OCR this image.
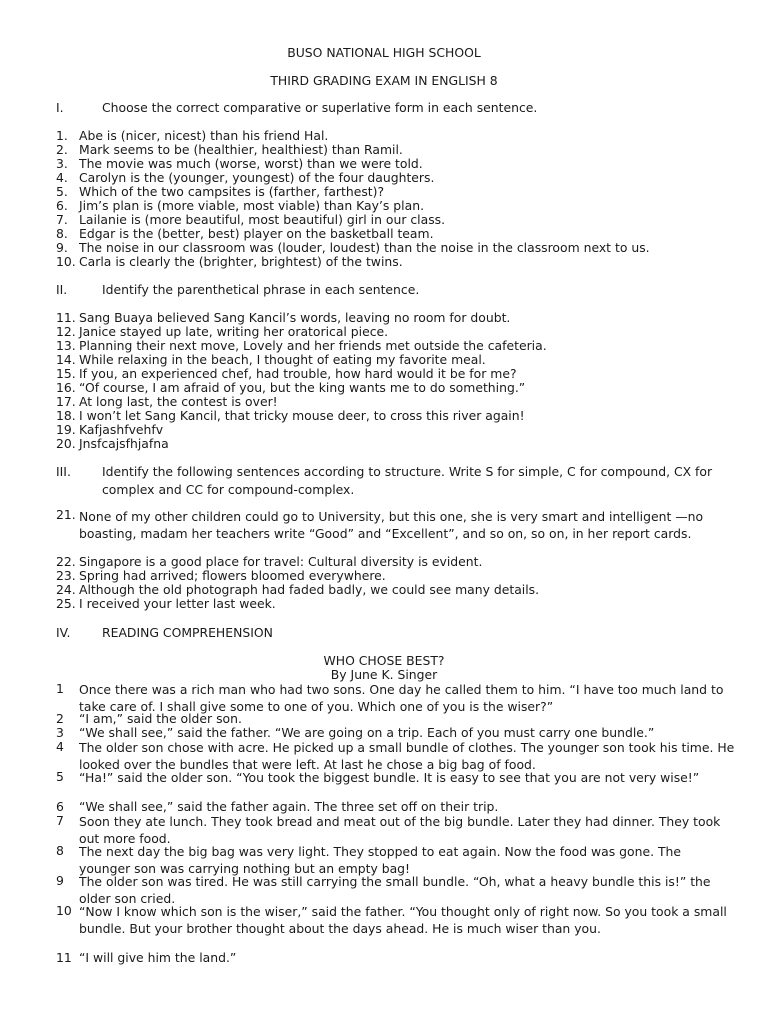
BUSO NATIONAL HIGH SCHOOL
THIRD GRADING EXAM IN ENGLISH 8
I.	Choose the correct comparative or superlative form in each sentence.
1. Abe is (nicer, nicest) than his friend Hal.
2. Mark seems to be (healthier, healthiest) than Ramil.
3. The movie was much (worse, worst) than we were told.
4. Carolyn is the (younger, youngest) of the four daughters.
5. Which of the two campsites is (farther, farthest)?
6. Jim’s plan is (more viable, most viable) than Kay’s plan.
7. Lailanie is (more beautiful, most beautiful) girl in our class.
8. Edgar is the (better, best) player on the basketball team.
9. The noise in our classroom was (louder, loudest) than the noise in the classroom next to us.
10. Carla is clearly the (brighter, brightest) of the twins.
II.	Identify the parenthetical phrase in each sentence.
11. Sang Buaya believed Sang Kancil’s words, leaving no room for doubt.
12. Janice stayed up late, writing her oratorical piece.
13. Planning their next move, Lovely and her friends met outside the cafeteria.
14. While relaxing in the beach, I thought of eating my favorite meal.
15. If you, an experienced chef, had trouble, how hard would it be for me?
16. “Of course, I am afraid of you, but the king wants me to do something.”
17. At long last, the contest is over!
18. I won’t let Sang Kancil, that tricky mouse deer, to cross this river again!
19. Kafjashfvehfv
20. Jnsfcajsfhjafna
III.	Identify the following sentences according to structure. Write S for simple, C for compound, CX for complex and CC for compound-complex.
21. None of my other children could go to University, but this one, she is very smart and intelligent —no boasting, madam her teachers write “Good” and “Excellent”, and so on, so on, in her report cards.
22. Singapore is a good place for travel: Cultural diversity is evident.
23. Spring had arrived; flowers bloomed everywhere.
24. Although the old photograph had faded badly, we could see many details.
25. I received your letter last week.
IV.	READING COMPREHENSION
WHO CHOSE BEST?
By June K. Singer
1 Once there was a rich man who had two sons. One day he called them to him. “I have too much land to take care of. I shall give some to one of you. Which one of you is the wiser?”
2 “I am,” said the older son.
3 “We shall see,” said the father. “We are going on a trip. Each of you must carry one bundle.”
4 The older son chose with acre. He picked up a small bundle of clothes. The younger son took his time. He looked over the bundles that were left. At last he chose a big bag of food.
5 “Ha!” said the older son. “You took the biggest bundle. It is easy to see that you are not very wise!”
6 “We shall see,” said the father again. The three set off on their trip.
7 Soon they ate lunch. They took bread and meat out of the big bundle. Later they had dinner. They took out more food.
8 The next day the big bag was very light. They stopped to eat again. Now the food was gone. The younger son was carrying nothing but an empty bag!
9 The older son was tired. He was still carrying the small bundle. “Oh, what a heavy bundle this is!” the older son cried.
10 “Now I know which son is the wiser,” said the father. “You thought only of right now. So you took a small bundle. But your brother thought about the days ahead. He is much wiser than you.
11 “I will give him the land.”
